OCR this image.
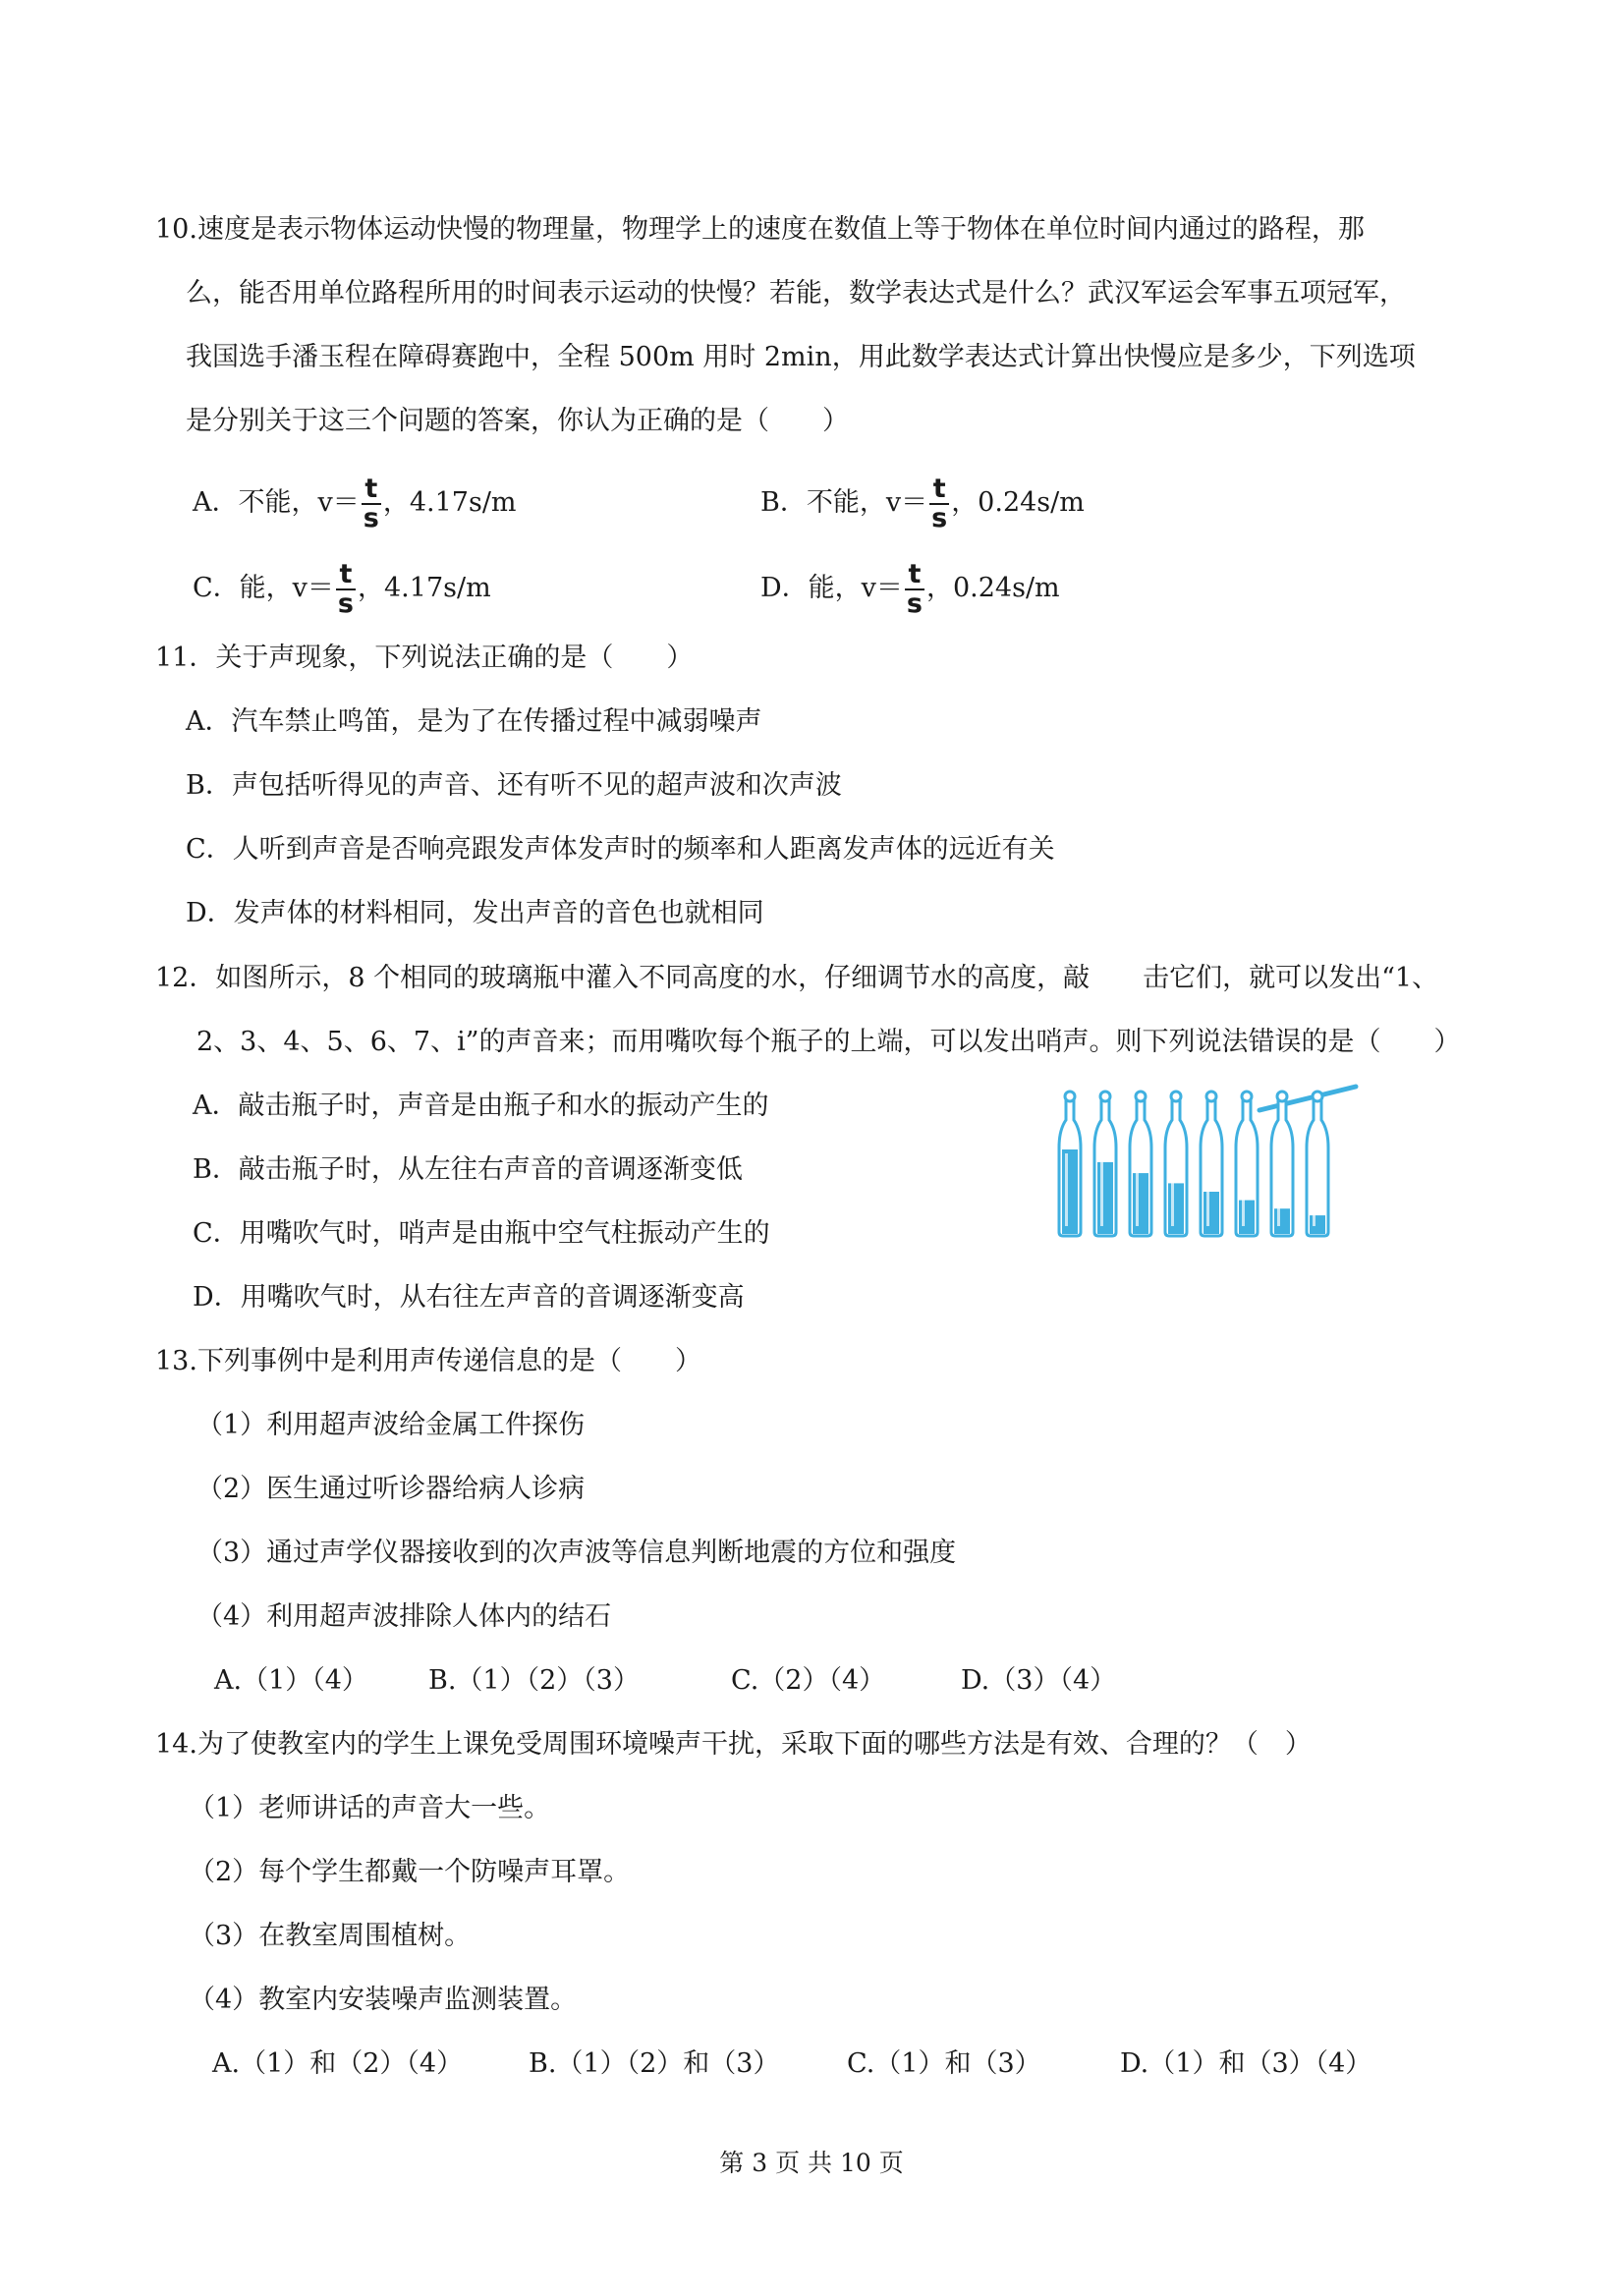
10.速度是表示物体运动快慢的物理量，物理学上的速度在数值上等于物体在单位时间内通过的路程，那
么，能否用单位路程所用的时间表示运动的快慢？若能，数学表达式是什么？武汉军运会军事五项冠军，
我国选手潘玉程在障碍赛跑中，全程 500m 用时 2min，用此数学表达式计算出快慢应是多少，下列选项
是分别关于这三个问题的答案，你认为正确的是（　　）
A．不能，$v= \frac{t}{s}$ ，4.17s/m	B．不能，$v= \frac{t}{s}$ ，0.24s/m
C．能，$v= \frac{t}{s}$ ，4.17s/m	D．能，$v= \frac{t}{s}$ ，0.24s/m
11．关于声现象，下列说法正确的是（　　）
A．汽车禁止鸣笛，是为了在传播过程中减弱噪声
B．声包括听得见的声音、还有听不见的超声波和次声波
C．人听到声音是否响亮跟发声体发声时的频率和人距离发声体的远近有关
D．发声体的材料相同，发出声音的音色也就相同
12．如图所示，8 个相同的玻璃瓶中灌入不同高度的水，仔细调节水的高度，敲　　击它们，就可以发出“1、
2、3、4、5、6、7、i”的声音来；而用嘴吹每个瓶子的上端，可以发出哨声。则下列说法错误的是（　　）
A．敲击瓶子时，声音是由瓶子和水的振动产生的
B．敲击瓶子时，从左往右声音的音调逐渐变低
C．用嘴吹气时，哨声是由瓶中空气柱振动产生的
D．用嘴吹气时，从右往左声音的音调逐渐变高
13.下列事例中是利用声传递信息的是（　　）
（1）利用超声波给金属工件探伤
（2）医生通过听诊器给病人诊病
（3）通过声学仪器接收到的次声波等信息判断地震的方位和强度
（4）利用超声波排除人体内的结石
A.（1）（4） B.（1）（2）（3）	C.（2）（4）	D.（3）（4）
14.为了使教室内的学生上课免受周围环境噪声干扰，采取下面的哪些方法是有效、合理的？（　）
（1）老师讲话的声音大一些。
（2）每个学生都戴一个防噪声耳罩。
（3）在教室周围植树。
（4）教室内安装噪声监测装置。
A.（1）和（2）（4） B.（1）（2）和（3）	C.（1）和（3）	D.（1）和（3）（4）
第 3 页 共 10 页
